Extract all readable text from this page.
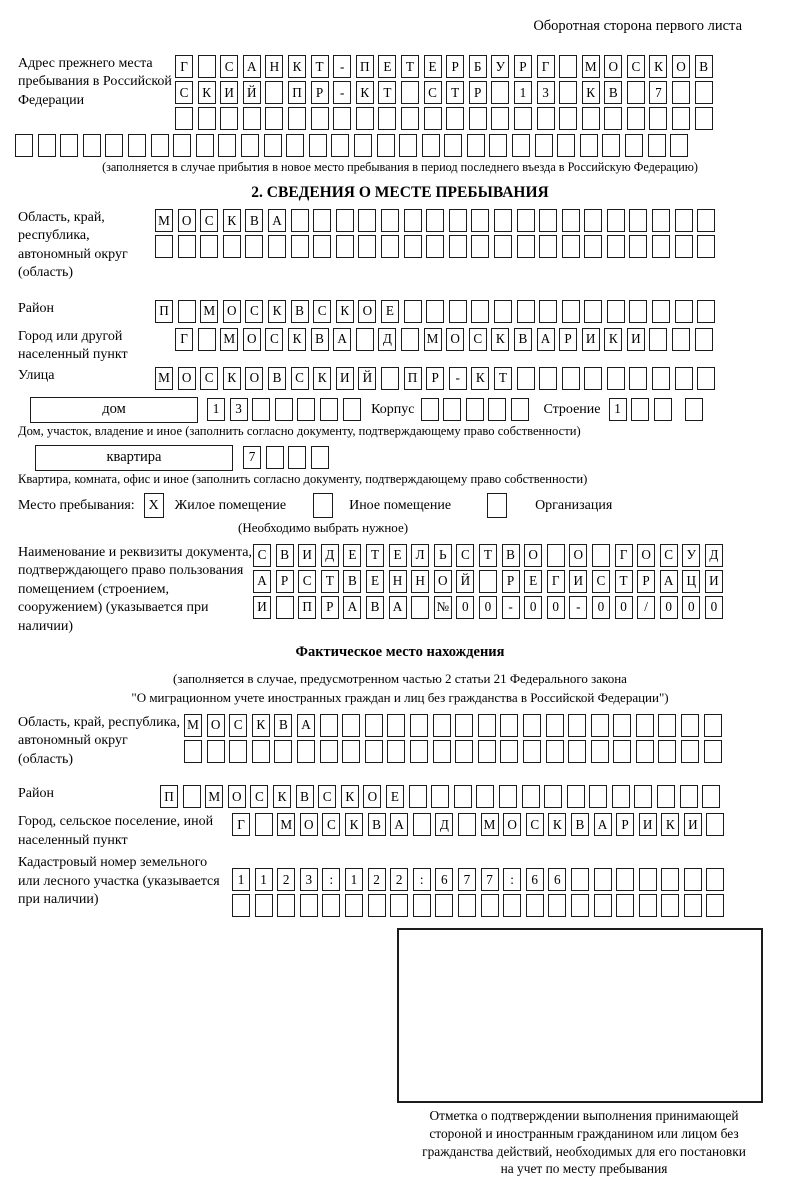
Оборотная сторона первого листа
Адрес прежнего места пребывания в Российской Федерации
Г	С	А Н	К	Т	-	П	Е	Т	Е	Р	Б	У	Р	Г	М О	С	К	О	В
С	К	И Й	П	Р	-	К	Т	С	Т	Р	1	3	К	В	7
(заполняется в случае прибытия в новое место пребывания в период последнего въезда в Российскую Федерацию)
2. СВЕДЕНИЯ О МЕСТЕ ПРЕБЫВАНИЯ
Область, край, республика, автономный округ (область)
М О	С	К	В	А
Район	П	М О	С	К	В	С	К	О	Е
Город или другой населенный пункт
Г	М О	С	К	В	А	Д	М О	С	К	В	А	Р	И	К	И
Улица	М О	С	К	О	В	С	К	И Й	П	Р	-	К	Т
дом	1	3	Корпус	Строение	1
Дом, участок, владение и иное (заполнить согласно документу, подтверждающему право собственности)
квартира	7
Квартира, комната, офис и иное (заполнить согласно документу, подтверждающему право собственности)
Место пребывания: X	Жилое помещение	Иное помещение	Организация
(Необходимо выбрать нужное)
Наименование и реквизиты документа, подтверждающего право пользования помещением (строением, сооружением) (указывается при наличии)
С	В	И	Д	Е	Т	Е	Л	Ь	С	Т	В	О	О	Г	О	С	У	Д
А	Р	С	Т	В	Е	Н Н О Й	Р	Е	Г	И	С	Т	Р	А Ц И
И	П	Р	А	В	А	№ 0	0	-	0	0	-	0	0	/	0	0	0
Фактическое место нахождения
(заполняется в случае, предусмотренном частью 2 статьи 21 Федерального закона
"О миграционном учете иностранных граждан и лиц без гражданства в Российской Федерации")
Область, край, республика, автономный округ (область)
М О	С	К	В	А
Район	П	М О	С	К	В	С	К	О	Е
Город, сельское поселение, иной населенный пункт
Г	М О	С	К	В	А	Д	М О	С	К	В	А	Р	И	К	И
Кадастровый номер земельного или лесного участка (указывается при наличии)
1	1	2	3	:	1	2	2	:	6	7	7	:	6	6
Отметка о подтверждении выполнения принимающей
стороной и иностранным гражданином или лицом без
гражданства действий, необходимых для его постановки
на учет по месту пребывания
